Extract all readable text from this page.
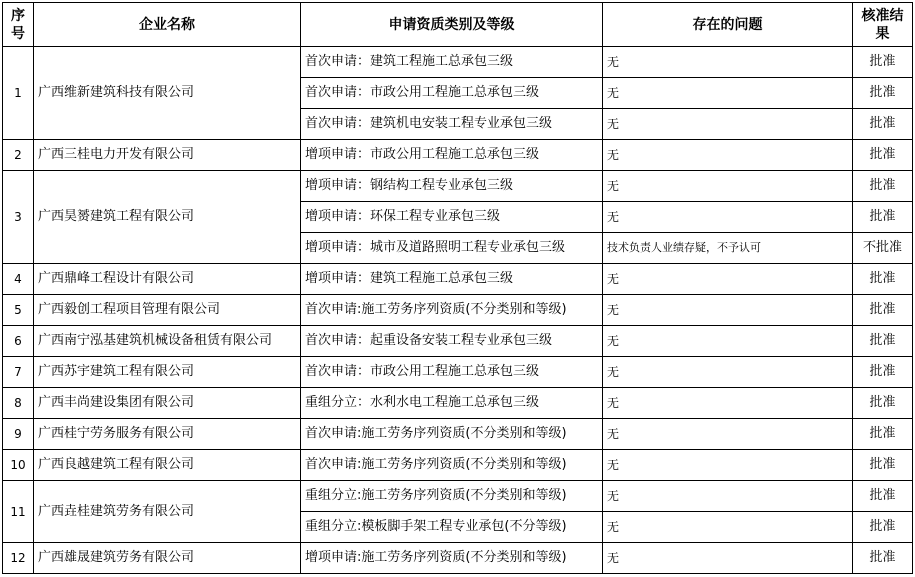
序号	企业名称	申请资质类别及等级	存在的问题	核准结果
1	广西维新建筑科技有限公司	首次申请：建筑工程施工总承包三级	无	批准
		首次申请：市政公用工程施工总承包三级	无	批准
		首次申请：建筑机电安装工程专业承包三级	无	批准
2	广西三桂电力开发有限公司	增项申请：市政公用工程施工总承包三级	无	批准
3	广西昊赟建筑工程有限公司	增项申请：钢结构工程专业承包三级	无	批准
		增项申请：环保工程专业承包三级	无	批准
		增项申请：城市及道路照明工程专业承包三级	技术负责人业绩存疑，不予认可	不批准
4	广西鼎峰工程设计有限公司	增项申请：建筑工程施工总承包三级	无	批准
5	广西毅创工程项目管理有限公司	首次申请:施工劳务序列资质(不分类别和等级)	无	批准
6	广西南宁泓基建筑机械设备租赁有限公司	首次申请：起重设备安装工程专业承包三级	无	批准
7	广西苏宇建筑工程有限公司	首次申请：市政公用工程施工总承包三级	无	批准
8	广西丰尚建设集团有限公司	重组分立：水利水电工程施工总承包三级	无	批准
9	广西桂宁劳务服务有限公司	首次申请:施工劳务序列资质(不分类别和等级)	无	批准
10	广西良越建筑工程有限公司	首次申请:施工劳务序列资质(不分类别和等级)	无	批准
11	广西垚桂建筑劳务有限公司	重组分立:施工劳务序列资质(不分类别和等级)	无	批准
		重组分立:模板脚手架工程专业承包(不分等级)	无	批准
12	广西雄晟建筑劳务有限公司	增项申请:施工劳务序列资质(不分类别和等级)	无	批准
